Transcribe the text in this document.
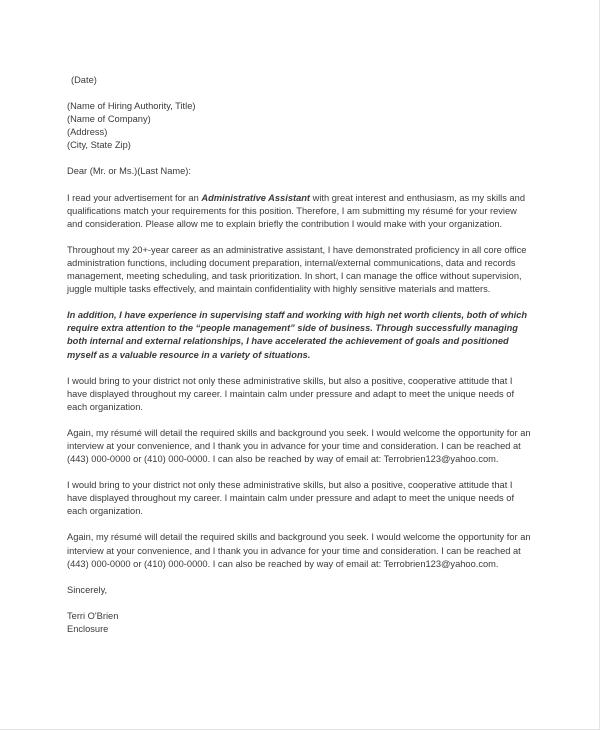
(Date)
(Name of Hiring Authority, Title)
(Name of Company)
(Address)
(City, State Zip)
Dear (Mr. or Ms.)(Last Name):

I read your advertisement for an Administrative Assistant with great interest and enthusiasm, as my skills and qualifications match your requirements for this position. Therefore, I am submitting my résumé for your review and consideration. Please allow me to explain briefly the contribution I would make with your organization.

Throughout my 20+-year career as an administrative assistant, I have demonstrated proficiency in all core office administration functions, including document preparation, internal/external communications, data and records management, meeting scheduling, and task prioritization. In short, I can manage the office without supervision, juggle multiple tasks effectively, and maintain confidentiality with highly sensitive materials and matters.

In addition, I have experience in supervising staff and working with high net worth clients, both of which require extra attention to the “people management” side of business. Through successfully managing both internal and external relationships, I have accelerated the achievement of goals and positioned myself as a valuable resource in a variety of situations.

I would bring to your district not only these administrative skills, but also a positive, cooperative attitude that I have displayed throughout my career. I maintain calm under pressure and adapt to meet the unique needs of each organization.

Again, my résumé will detail the required skills and background you seek. I would welcome the opportunity for an interview at your convenience, and I thank you in advance for your time and consideration. I can be reached at (443) 000-0000 or (410) 000-0000. I can also be reached by way of email at: Terrobrien123@yahoo.com.

I would bring to your district not only these administrative skills, but also a positive, cooperative attitude that I have displayed throughout my career. I maintain calm under pressure and adapt to meet the unique needs of each organization.

Again, my résumé will detail the required skills and background you seek. I would welcome the opportunity for an interview at your convenience, and I thank you in advance for your time and consideration. I can be reached at (443) 000-0000 or (410) 000-0000. I can also be reached by way of email at: Terrobrien123@yahoo.com.

Sincerely,
Terri O'Brien
Enclosure
